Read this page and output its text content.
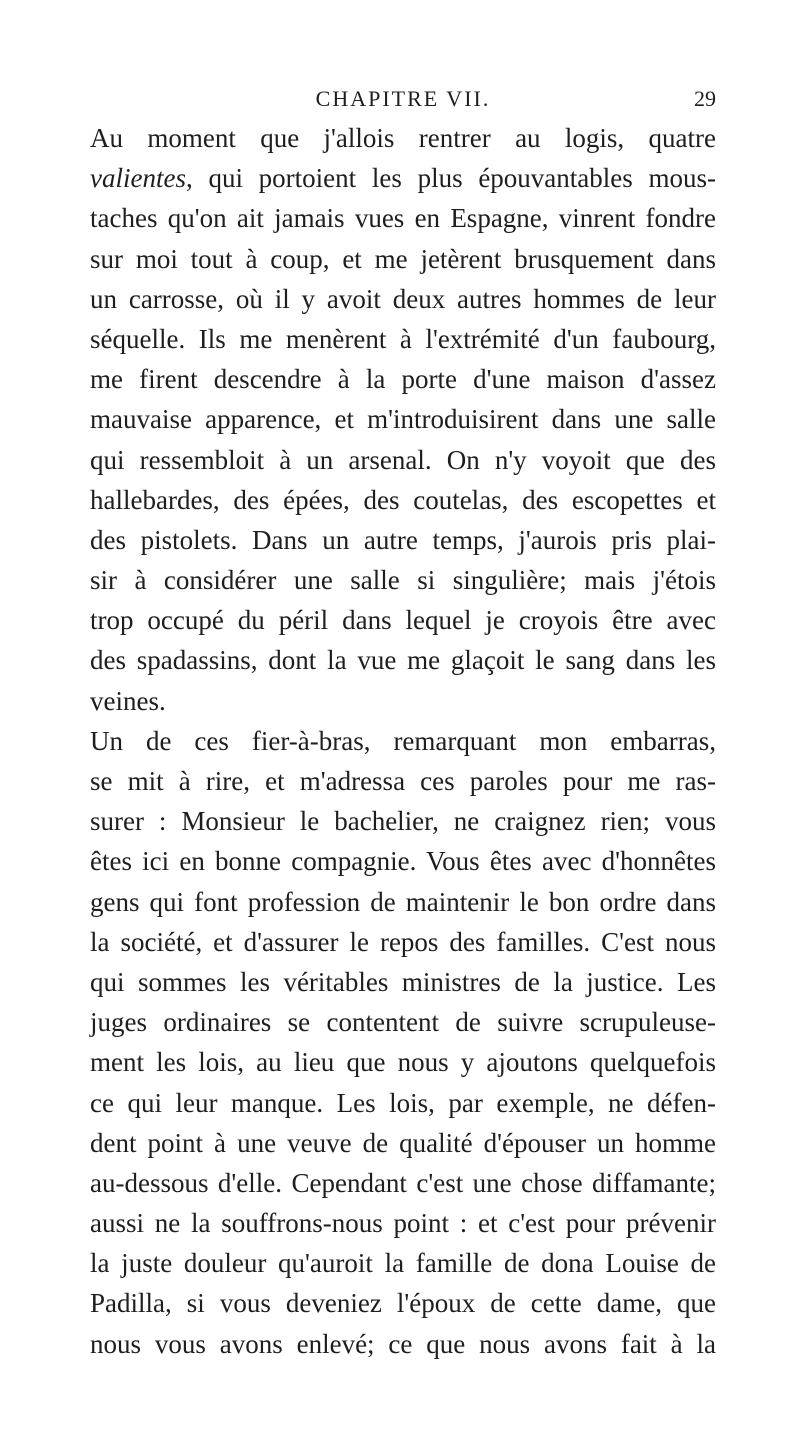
CHAPITRE VII.	29
Au moment que j'allois rentrer au logis, quatre
valientes, qui portoient les plus épouvantables mous-
taches qu'on ait jamais vues en Espagne, vinrent fondre
sur moi tout à coup, et me jetèrent brusquement dans
un carrosse, où il y avoit deux autres hommes de leur
séquelle. Ils me menèrent à l'extrémité d'un faubourg,
me firent descendre à la porte d'une maison d'assez
mauvaise apparence, et m'introduisirent dans une salle
qui ressembloit à un arsenal. On n'y voyoit que des
hallebardes, des épées, des coutelas, des escopettes et
des pistolets. Dans un autre temps, j'aurois pris plai-
sir à considérer une salle si singulière; mais j'étois
trop occupé du péril dans lequel je croyois être avec
des spadassins, dont la vue me glaçoit le sang dans les
veines.
Un de ces fier-à-bras, remarquant mon embarras,
se mit à rire, et m'adressa ces paroles pour me ras-
surer : Monsieur le bachelier, ne craignez rien; vous
êtes ici en bonne compagnie. Vous êtes avec d'honnêtes
gens qui font profession de maintenir le bon ordre dans
la société, et d'assurer le repos des familles. C'est nous
qui sommes les véritables ministres de la justice. Les
juges ordinaires se contentent de suivre scrupuleuse-
ment les lois, au lieu que nous y ajoutons quelquefois
ce qui leur manque. Les lois, par exemple, ne défen-
dent point à une veuve de qualité d'épouser un homme
au-dessous d'elle. Cependant c'est une chose diffamante;
aussi ne la souffrons-nous point : et c'est pour prévenir
la juste douleur qu'auroit la famille de dona Louise de
Padilla, si vous deveniez l'époux de cette dame, que
nous vous avons enlevé; ce que nous avons fait à la
